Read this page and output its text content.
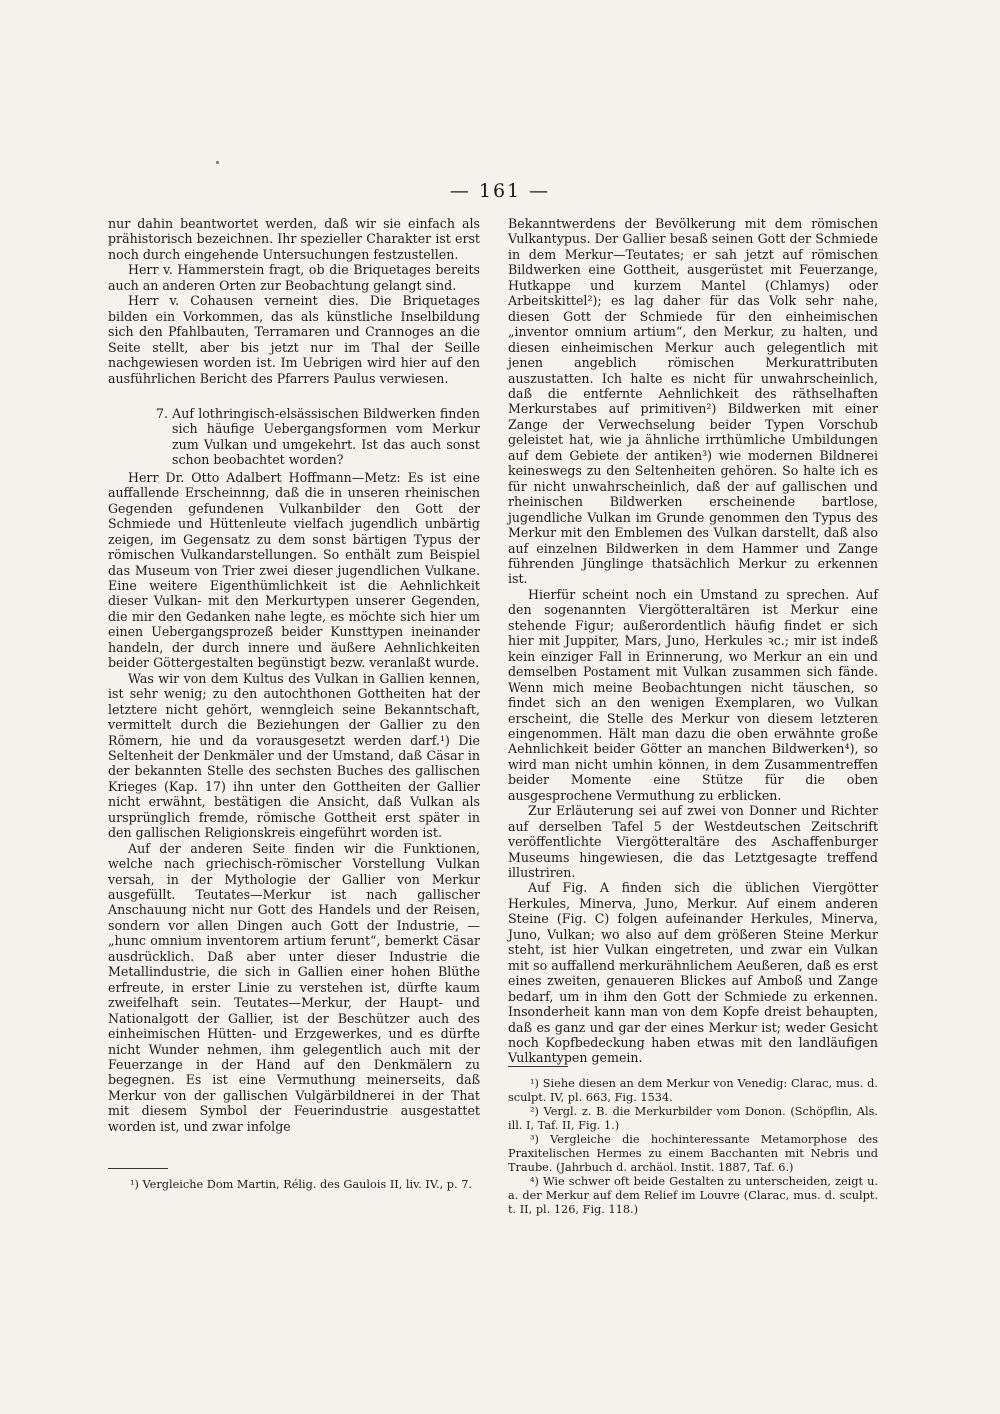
— 161 —

nur dahin beantwortet werden, daß wir sie einfach als prähistorisch bezeichnen. Ihr spezieller Charakter ist erst noch durch eingehende Untersuchungen festzustellen.

Herr v. Hammerstein fragt, ob die Briquetages bereits auch an anderen Orten zur Beobachtung gelangt sind.

Herr v. Cohausen verneint dies. Die Briquetages bilden ein Vorkommen, das als künstliche Inselbildung sich den Pfahlbauten, Terramaren und Crannoges an die Seite stellt, aber bis jetzt nur im Thal der Seille nachgewiesen worden ist. Im Uebrigen wird hier auf den ausführlichen Bericht des Pfarrers Paulus verwiesen.

7. Auf lothringisch-elsässischen Bildwerken finden sich häufige Uebergangsformen vom Merkur zum Vulkan und umgekehrt. Ist das auch sonst schon beobachtet worden?

Herr Dr. Otto Adalbert Hoffmann—Metz: Es ist eine auffallende Erscheinnng, daß die in unseren rheinischen Gegenden gefundenen Vulkanbilder den Gott der Schmiede und Hüttenleute vielfach jugendlich unbärtig zeigen, im Gegensatz zu dem sonst bärtigen Typus der römischen Vulkandarstellungen. So enthält zum Beispiel das Museum von Trier zwei dieser jugendlichen Vulkane. Eine weitere Eigenthümlichkeit ist die Aehnlichkeit dieser Vulkan- mit den Merkurtypen unserer Gegenden, die mir den Gedanken nahe legte, es möchte sich hier um einen Uebergangsprozeß beider Kunsttypen ineinander handeln, der durch innere und äußere Aehnlichkeiten beider Göttergestalten begünstigt bezw. veranlaßt wurde.

Was wir von dem Kultus des Vulkan in Gallien kennen, ist sehr wenig; zu den autochthonen Gottheiten hat der letztere nicht gehört, wenngleich seine Bekanntschaft, vermittelt durch die Beziehungen der Gallier zu den Römern, hie und da vorausgesetzt werden darf.¹) Die Seltenheit der Denkmäler und der Umstand, daß Cäsar in der bekannten Stelle des sechsten Buches des gallischen Krieges (Kap. 17) ihn unter den Gottheiten der Gallier nicht erwähnt, bestätigen die Ansicht, daß Vulkan als ursprünglich fremde, römische Gottheit erst später in den gallischen Religionskreis eingeführt worden ist.

Auf der anderen Seite finden wir die Funktionen, welche nach griechisch-römischer Vorstellung Vulkan versah, in der Mythologie der Gallier von Merkur ausgefüllt. Teutates—Merkur ist nach gallischer Anschauung nicht nur Gott des Handels und der Reisen, sondern vor allen Dingen auch Gott der Industrie, — „hunc omnium inventorem artium ferunt“, bemerkt Cäsar ausdrücklich. Daß aber unter dieser Industrie die Metallindustrie, die sich in Gallien einer hohen Blüthe erfreute, in erster Linie zu verstehen ist, dürfte kaum zweifelhaft sein. Teutates—Merkur, der Haupt- und Nationalgott der Gallier, ist der Beschützer auch des einheimischen Hütten- und Erzgewerkes, und es dürfte nicht Wunder nehmen, ihm gelegentlich auch mit der Feuerzange in der Hand auf den Denkmälern zu begegnen. Es ist eine Vermuthung meinerseits, daß Merkur von der gallischen Vulgärbildnerei in der That mit diesem Symbol der Feuerindustrie ausgestattet worden ist, und zwar infolge

Bekanntwerdens der Bevölkerung mit dem römischen Vulkantypus. Der Gallier besaß seinen Gott der Schmiede in dem Merkur—Teutates; er sah jetzt auf römischen Bildwerken eine Gottheit, ausgerüstet mit Feuerzange, Hutkappe und kurzem Mantel (Chlamys) oder Arbeitskittel²); es lag daher für das Volk sehr nahe, diesen Gott der Schmiede für den einheimischen „inventor omnium artium“, den Merkur, zu halten, und diesen einheimischen Merkur auch gelegentlich mit jenen angeblich römischen Merkurattributen auszustatten. Ich halte es nicht für unwahrscheinlich, daß die entfernte Aehnlichkeit des räthselhaften Merkurstabes auf primitiven²) Bildwerken mit einer Zange der Verwechselung beider Typen Vorschub geleistet hat, wie ja ähnliche irrthümliche Umbildungen auf dem Gebiete der antiken³) wie modernen Bildnerei keineswegs zu den Seltenheiten gehören. So halte ich es für nicht unwahrscheinlich, daß der auf gallischen und rheinischen Bildwerken erscheinende bartlose, jugendliche Vulkan im Grunde genommen den Typus des Merkur mit den Emblemen des Vulkan darstellt, daß also auf einzelnen Bildwerken in dem Hammer und Zange führenden Jünglinge thatsächlich Merkur zu erkennen ist.

Hierfür scheint noch ein Umstand zu sprechen. Auf den sogenannten Viergötteraltären ist Merkur eine stehende Figur; außerordentlich häufig findet er sich hier mit Juppiter, Mars, Juno, Herkules ꝛc.; mir ist indeß kein einziger Fall in Erinnerung, wo Merkur an ein und demselben Postament mit Vulkan zusammen sich fände. Wenn mich meine Beobachtungen nicht täuschen, so findet sich an den wenigen Exemplaren, wo Vulkan erscheint, die Stelle des Merkur von diesem letzteren eingenommen. Hält man dazu die oben erwähnte große Aehnlichkeit beider Götter an manchen Bildwerken⁴), so wird man nicht umhin können, in dem Zusammentreffen beider Momente eine Stütze für die oben ausgesprochene Vermuthung zu erblicken.

Zur Erläuterung sei auf zwei von Donner und Richter auf derselben Tafel 5 der Westdeutschen Zeitschrift veröffentlichte Viergötteraltäre des Aschaffenburger Museums hingewiesen, die das Letztgesagte treffend illustriren.

Auf Fig. A finden sich die üblichen Viergötter Herkules, Minerva, Juno, Merkur. Auf einem anderen Steine (Fig. C) folgen aufeinander Herkules, Minerva, Juno, Vulkan; wo also auf dem größeren Steine Merkur steht, ist hier Vulkan eingetreten, und zwar ein Vulkan mit so auffallend merkurähnlichem Aeußeren, daß es erst eines zweiten, genaueren Blickes auf Amboß und Zange bedarf, um in ihm den Gott der Schmiede zu erkennen. Insonderheit kann man von dem Kopfe dreist behaupten, daß es ganz und gar der eines Merkur ist; weder Gesicht noch Kopfbedeckung haben etwas mit den landläufigen Vulkantypen gemein.

¹) Vergleiche Dom Martin, Rélig. des Gaulois II, liv. IV., p. 7.

¹) Siehe diesen an dem Merkur von Venedig: Clarac, mus. d. sculpt. IV, pl. 663, Fig. 1534.

²) Vergl. z. B. die Merkurbilder vom Donon. (Schöpflin, Als. ill. I, Taf. II, Fig. 1.)

³) Vergleiche die hochinteressante Metamorphose des Praxitelischen Hermes zu einem Bacchanten mit Nebris und Traube. (Jahrbuch d. archäol. Instit. 1887, Taf. 6.)

⁴) Wie schwer oft beide Gestalten zu unterscheiden, zeigt u. a. der Merkur auf dem Relief im Louvre (Clarac, mus. d. sculpt. t. II, pl. 126, Fig. 118.)
